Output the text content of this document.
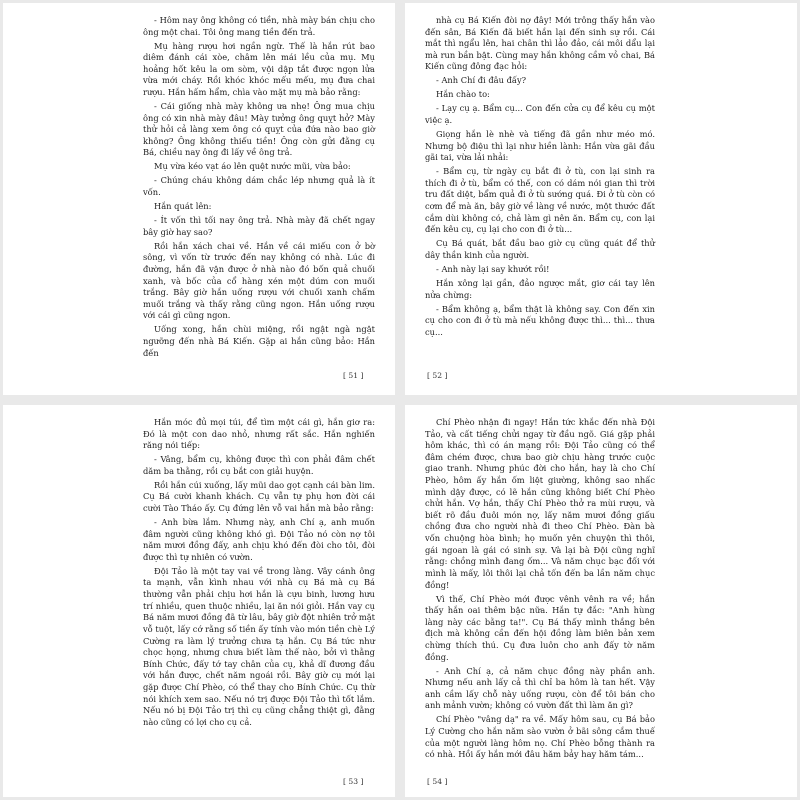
- Hôm nay ông không có tiền, nhà mày bán chịu cho ông một chai. Tôi ông mang tiền đến trả.

Mụ hàng rượu hơi ngần ngừ. Thế là hắn rút bao diêm đánh cái xòe, châm lên mái lều của mụ. Mụ hoảng hốt kêu la om sòm, vội dập tắt được ngọn lửa vừa mới cháy. Rồi khóc khóc mếu mếu, mụ đưa chai rượu. Hắn hấm hẩm, chìa vào mặt mụ mà bảo rằng:

- Cái giống nhà mày không ưa nhẹ! Ông mua chịu ông có xin nhà mày đâu! Mày tưởng ông quỵt hở? Mày thử hỏi cả làng xem ông có quỵt của đứa nào bao giờ không? Ông không thiếu tiền! Ông còn gửi đằng cụ Bá, chiều nay ông đi lấy về ông trả.

Mụ vừa kéo vạt áo lên quệt nước mũi, vừa bảo:

- Chúng cháu không dám chắc lép nhưng quả là ít vốn.

Hắn quát lên:

- Ít vốn thì tối nay ông trả. Nhà mày đã chết ngay bây giờ hay sao?

Rồi hắn xách chai về. Hắn về cái miếu con ở bờ sông, vì vốn từ trước đến nay không có nhà. Lúc đi đường, hắn đã vận được ở nhà nào đó bốn quả chuối xanh, và bốc của cổ hàng xén một dúm con muối trắng. Bây giờ hắn uống rượu với chuối xanh chấm muối trắng và thấy rằng cũng ngon. Hắn uống rượu với cái gì cũng ngon.

Uống xong, hắn chùi miệng, rồi ngật ngà ngật ngưỡng đến nhà Bá Kiến. Gặp ai hắn cũng bảo: Hắn đến

[ 51 ]

nhà cụ Bá Kiến đòi nợ đây! Mới trông thấy hắn vào đến sân, Bá Kiến đã biết hắn lại đến sinh sự rồi. Cái mắt thì ngẩu lên, hai chân thì lảo đảo, cái môi dẩu lại mà run bần bật. Cùng may hắn không cầm vỏ chai, Bá Kiến cũng đông đạc hỏi:

- Anh Chí đi đâu đấy?

Hắn chào to:

- Lạy cụ ạ. Bẩm cụ... Con đến cửa cụ để kêu cụ một việc ạ.

Giọng hắn lè nhè và tiếng đã gần như méo mó. Nhưng bộ điệu thì lại như hiền lành: Hắn vừa gãi đầu gãi tai, vừa lải nhải:

- Bẩm cụ, từ ngày cụ bắt đi ở tù, con lại sinh ra thích đi ở tù, bẩm có thế, con có dám nói gian thì trời tru đất diệt, bẩm quả đi ở tù sướng quá. Đi ở tù còn có cơm để mà ăn, bây giờ về làng về nước, một thước đất cắm dùi không có, chả làm gì nên ăn. Bẩm cụ, con lại đến kêu cụ, cụ lại cho con đi ở tù...

Cụ Bá quát, bắt đầu bao giờ cụ cũng quát để thử dây thần kinh của người.

- Anh này lại say khướt rồi!

Hắn xông lại gần, đảo ngược mắt, giơ cái tay lên nửa chừng:

- Bẩm không ạ, bẩm thật là không say. Con đến xin cụ cho con đi ở tù mà nếu không được thì... thì... thưa cụ...

[ 52 ]

Hắn móc đủ mọi túi, để tìm một cái gì, hắn giơ ra: Đó là một con dao nhỏ, nhưng rất sắc. Hắn nghiến răng nói tiếp:

- Vâng, bẩm cụ, không được thì con phải đâm chết dăm ba thằng, rồi cụ bắt con giải huyện.

Rồi hắn cúi xuống, lấy mũi dao gọt cạnh cái bàn lim. Cụ Bá cười khanh khách. Cụ vẫn tự phụ hơn đời cái cười Tào Tháo ấy. Cụ đứng lên vỗ vai hắn mà bảo rằng:

- Anh bừa lắm. Nhưng này, anh Chí ạ, anh muốn đâm người cũng không khó gì. Đội Tảo nó còn nợ tôi năm mươi đồng đấy, anh chịu khó đến đòi cho tôi, đòi được thì tự nhiên có vườn.

Đội Tảo là một tay vai về trong làng. Vây cánh ông ta mạnh, vẫn kình nhau với nhà cụ Bá mà cụ Bá thường vẫn phải chịu hơi hắn là cựu binh, lương hưu trí nhiều, quen thuộc nhiều, lại ăn nói giỏi. Hắn vay cụ Bá năm mươi đồng đã từ lâu, bây giờ đột nhiên trở mặt vỗ tuột, lấy cớ rằng số tiền ấy tính vào món tiền chè Lý Cường ra làm lý trưởng chưa tạ hắn. Cụ Bá tức như chọc họng, nhưng chưa biết làm thế nào, bởi vì thằng Bính Chức, đấy tớ tay chân của cụ, khả dĩ đương đầu với hắn được, chết năm ngoái rồi. Bây giờ cụ mới lại gặp được Chí Phèo, có thể thay cho Bính Chức. Cụ thừ nói khích xem sao. Nếu nó trị được Đội Tảo thì tốt lắm. Nếu nó bị Đội Tảo trị thì cụ cũng chẳng thiệt gì, đằng nào cũng có lợi cho cụ cả.

[ 53 ]

Chí Phèo nhận đi ngay! Hắn tức khắc đến nhà Đội Tảo, và cất tiếng chửi ngay từ đầu ngõ. Giá gặp phải hôm khác, thì có án mạng rồi: Đội Tảo cũng có thể đâm chém được, chưa bao giờ chịu hàng trước cuộc giao tranh. Nhưng phúc đời cho hắn, hay là cho Chí Phèo, hôm ấy hắn ốm liệt giường, không sao nhấc mình dậy được, có lẽ hắn cũng không biết Chí Phèo chửi hắn. Vợ hắn, thấy Chí Phèo thở ra mùi rượu, và biết rõ đầu đuôi món nợ, lấy năm mươi đồng giấu chồng đưa cho người nhà đi theo Chí Phèo. Đàn bà vốn chuộng hòa bình; họ muốn yên chuyện thì thôi, gái ngoan là gái có sinh sự. Và lại bà Đội cũng nghĩ rằng: chồng mình đang ốm... Và năm chục bạc đối với mình là mấy, lôi thôi lại chả tốn đến ba lần năm chục đồng!

Vì thế, Chí Phèo mới được vênh vênh ra về; hắn thấy hắn oai thêm bậc nữa. Hắn tự đắc: "Anh hùng làng này các bằng ta!". Cụ Bá thấy mình thắng bên địch mà không cần đến hội đồng làm biên bản xem chừng thích thú. Cụ đưa luôn cho anh đấy tờ năm đồng.

- Anh Chí ạ, cả năm chục đồng này phần anh. Nhưng nếu anh lấy cả thì chỉ ba hôm là tan hết. Vậy anh cầm lấy chỗ này uống rượu, còn để tôi bán cho anh mảnh vườn; không có vườn đất thì làm ăn gì?

Chí Phèo "vâng dạ" ra về. Mấy hôm sau, cụ Bá bảo Lý Cường cho hắn năm sào vườn ở bãi sông cắm thuế của một người làng hôm nọ. Chí Phèo bỗng thành ra có nhà. Hồi ấy hắn mới đâu hăm bảy hay hăm tám...

[ 54 ]
